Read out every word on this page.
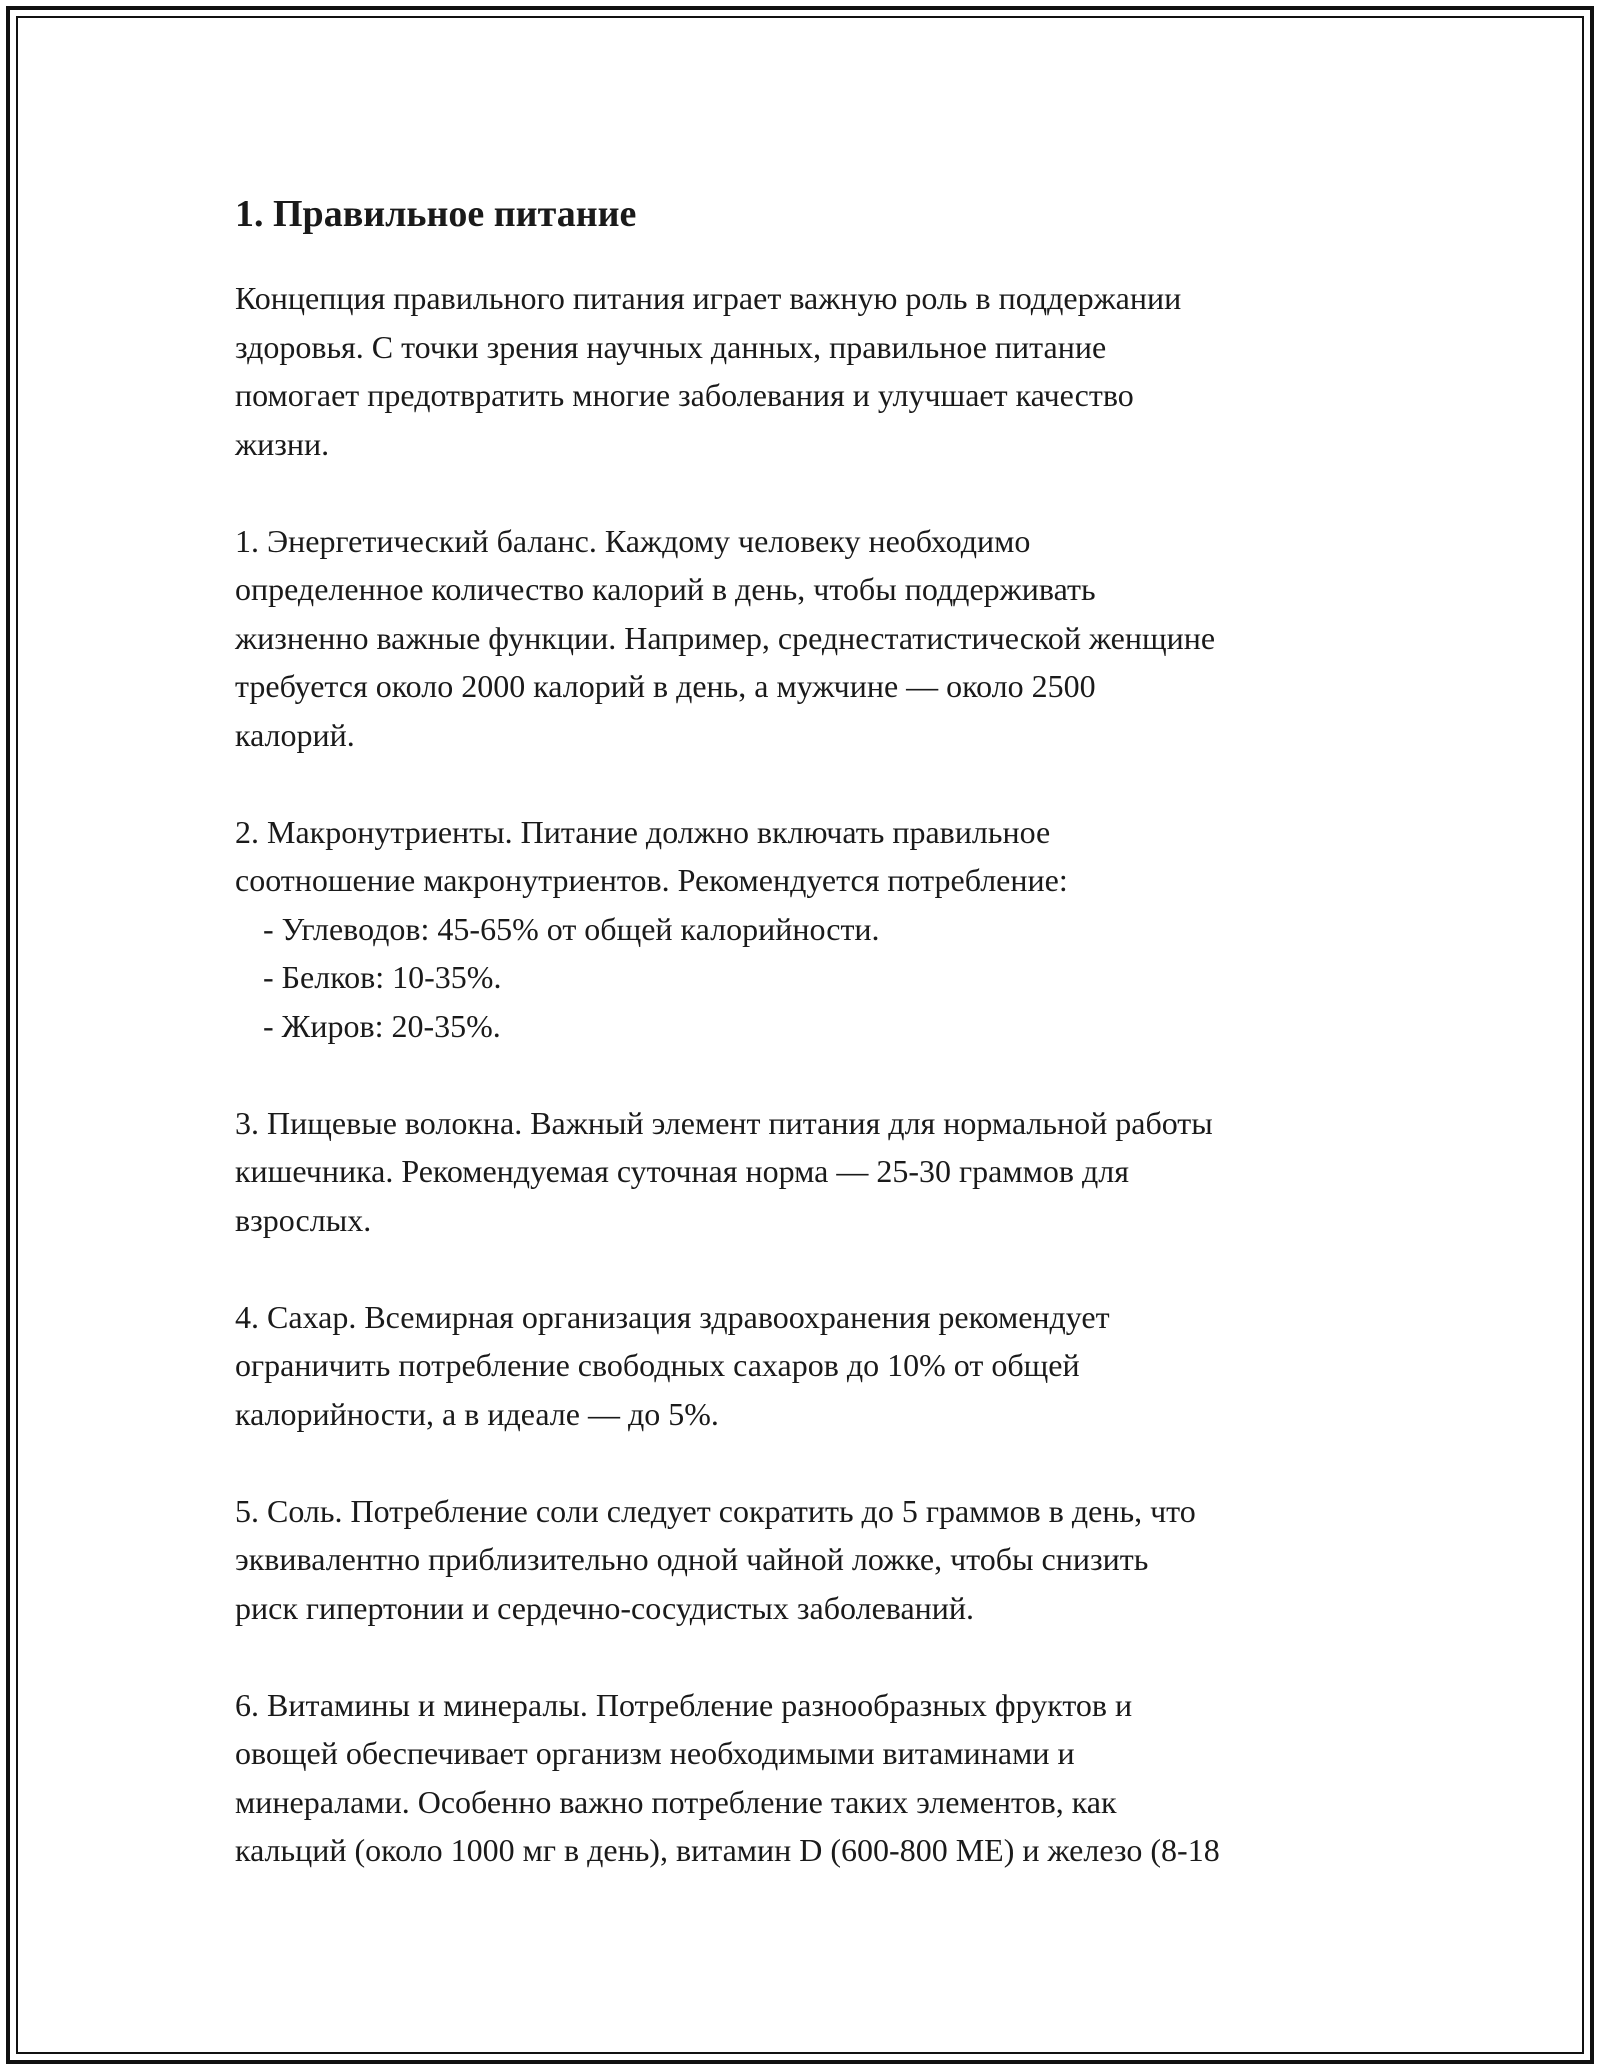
1. Правильное питание

Концепция правильного питания играет важную роль в поддержании
здоровья. С точки зрения научных данных, правильное питание
помогает предотвратить многие заболевания и улучшает качество
жизни.

1. Энергетический баланс. Каждому человеку необходимо
определенное количество калорий в день, чтобы поддерживать
жизненно важные функции. Например, среднестатистической женщине
требуется около 2000 калорий в день, а мужчине — около 2500
калорий.

2. Макронутриенты. Питание должно включать правильное
соотношение макронутриентов. Рекомендуется потребление:

- Углеводов: 45-65% от общей калорийности.
- Белков: 10-35%.
- Жиров: 20-35%.

3. Пищевые волокна. Важный элемент питания для нормальной работы
кишечника. Рекомендуемая суточная норма — 25-30 граммов для
взрослых.

4. Сахар. Всемирная организация здравоохранения рекомендует
ограничить потребление свободных сахаров до 10% от общей
калорийности, а в идеале — до 5%.

5. Соль. Потребление соли следует сократить до 5 граммов в день, что
эквивалентно приблизительно одной чайной ложке, чтобы снизить
риск гипертонии и сердечно-сосудистых заболеваний.

6. Витамины и минералы. Потребление разнообразных фруктов и
овощей обеспечивает организм необходимыми витаминами и
минералами. Особенно важно потребление таких элементов, как
кальций (около 1000 мг в день), витамин D (600-800 МЕ) и железо (8-18
